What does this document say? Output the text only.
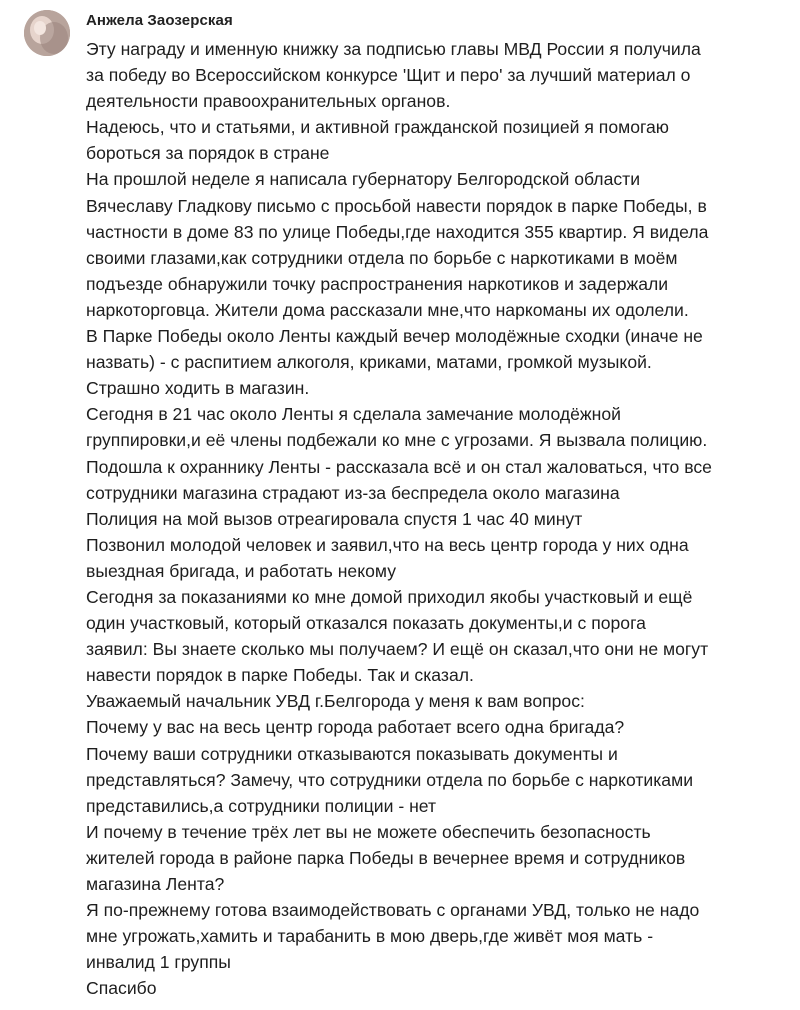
Анжела Заозерская
Эту награду и именную книжку за подписью главы МВД России я получила
за победу во Всероссийском конкурсе 'Щит и перо' за лучший материал о
деятельности правоохранительных органов.
Надеюсь, что и статьями, и активной гражданской позицией я помогаю
бороться за порядок в стране
На прошлой неделе я написала губернатору Белгородской области
Вячеславу Гладкову письмо с просьбой навести порядок в парке Победы, в
частности в доме 83 по улице Победы,где находится 355 квартир. Я видела
своими глазами,как сотрудники отдела по борьбе с наркотиками в моём
подъезде обнаружили точку распространения наркотиков и задержали
наркоторговца. Жители дома рассказали мне,что наркоманы их одолели.
В Парке Победы около Ленты каждый вечер молодёжные сходки (иначе не
назвать) - с распитием алкоголя, криками, матами, громкой музыкой.
Страшно ходить в магазин.
Сегодня в 21 час около Ленты я сделала замечание молодёжной
группировки,и её члены подбежали ко мне с угрозами. Я вызвала полицию.
Подошла к охраннику Ленты - рассказала всё и он стал жаловаться, что все
сотрудники магазина страдают из-за беспредела около магазина
Полиция на мой вызов отреагировала спустя 1 час 40 минут
Позвонил молодой человек и заявил,что на весь центр города у них одна
выездная бригада, и работать некому
Сегодня за показаниями ко мне домой приходил якобы участковый и ещё
один участковый, который отказался показать документы,и с порога
заявил: Вы знаете сколько мы получаем? И ещё он сказал,что они не могут
навести порядок в парке Победы. Так и сказал.
Уважаемый начальник УВД г.Белгорода у меня к вам вопрос:
Почему у вас на весь центр города работает всего одна бригада?
Почему ваши сотрудники отказываются показывать документы и
представляться? Замечу, что сотрудники отдела по борьбе с наркотиками
представились,а сотрудники полиции - нет
И почему в течение трёх лет вы не можете обеспечить безопасность
жителей города в районе парка Победы в вечернее время и сотрудников
магазина Лента?
Я по-прежнему готова взаимодействовать с органами УВД, только не надо
мне угрожать,хамить и тарабанить в мою дверь,где живёт моя мать -
инвалид 1 группы
Спасибо
